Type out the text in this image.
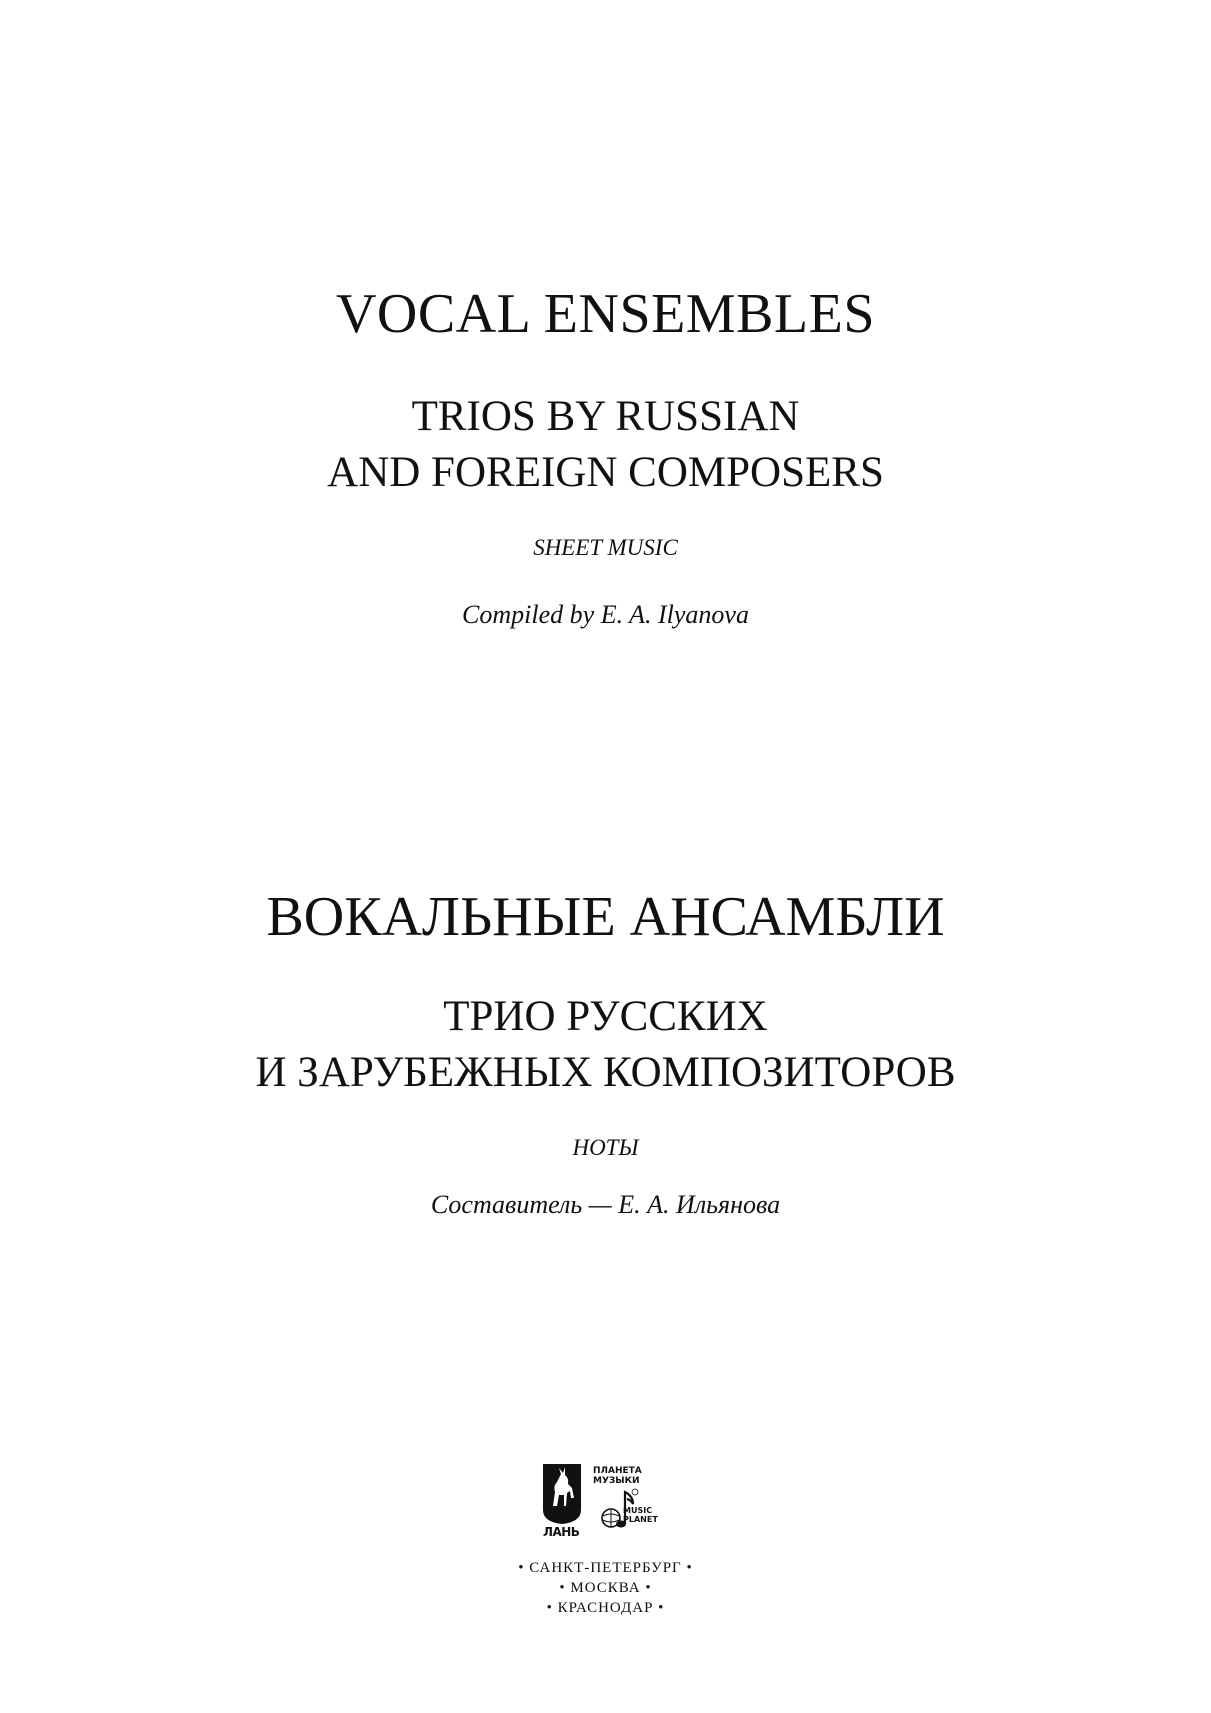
VOCAL ENSEMBLES
TRIOS BY RUSSIAN
AND FOREIGN COMPOSERS
SHEET MUSIC
Compiled by E. A. Ilyanova
ВОКАЛЬНЫЕ АНСАМБЛИ
ТРИО РУССКИХ
И ЗАРУБЕЖНЫХ КОМПОЗИТОРОВ
НОТЫ
Составитель — Е. А. Ильянова
ЛАНЬ
ПЛАНЕТА
МУЗЫКИ
MUSIC
PLANET
• САНКТ-ПЕТЕРБУРГ •
• МОСКВА •
• КРАСНОДАР •
